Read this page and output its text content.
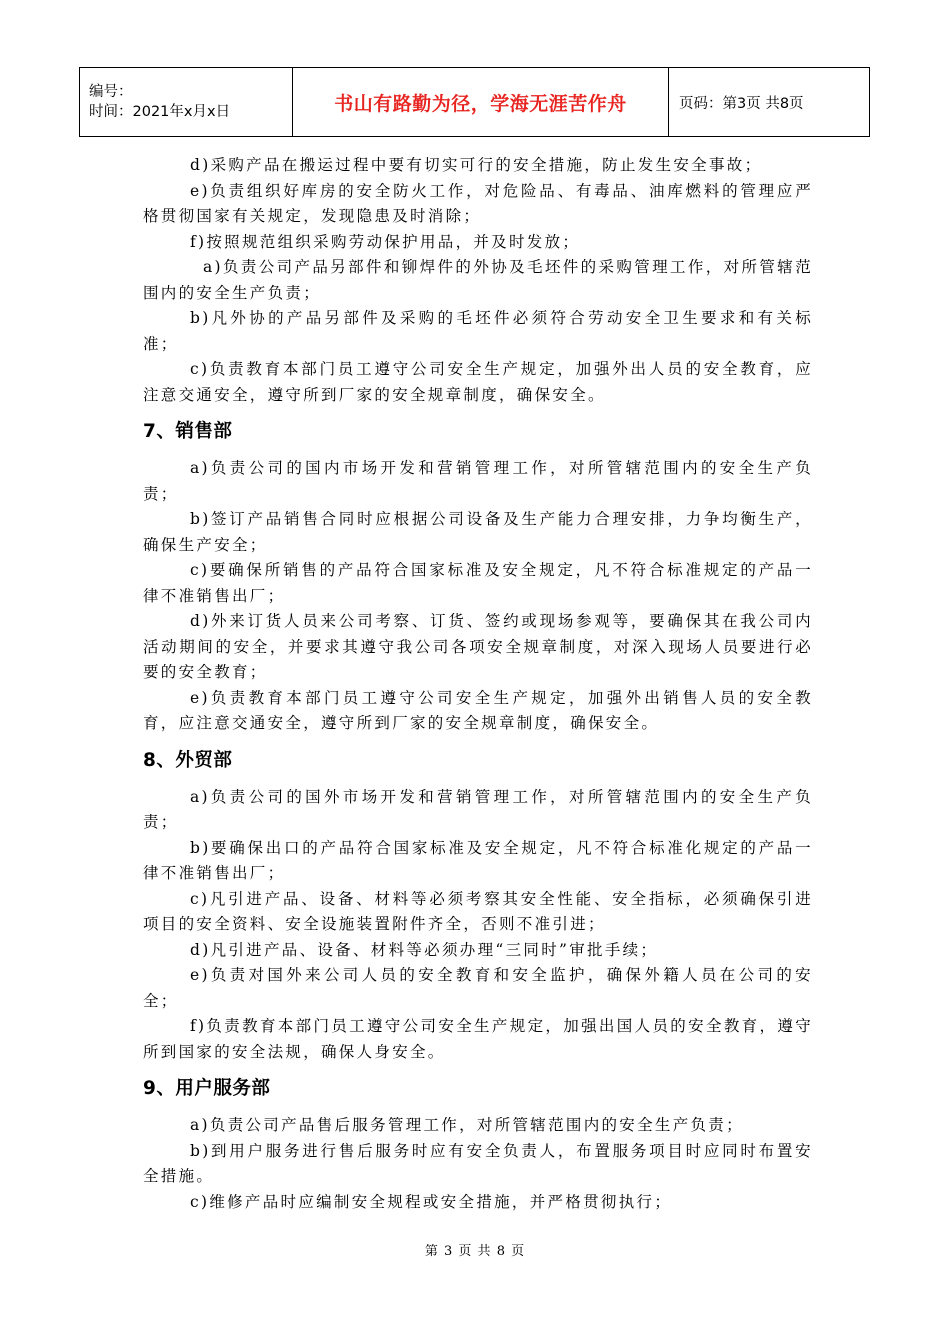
编号：
时间：2021年x月x日	书山有路勤为径，学海无涯苦作舟	页码：第3页 共8页

d)采购产品在搬运过程中要有切实可行的安全措施，防止发生安全事故；

e)负责组织好库房的安全防火工作，对危险品、有毒品、油库燃料的管理应严格贯彻国家有关规定，发现隐患及时消除；

f)按照规范组织采购劳动保护用品，并及时发放；

a)负责公司产品另部件和铆焊件的外协及毛坯件的采购管理工作，对所管辖范围内的安全生产负责；

b)凡外协的产品另部件及采购的毛坯件必须符合劳动安全卫生要求和有关标准；

c)负责教育本部门员工遵守公司安全生产规定，加强外出人员的安全教育，应注意交通安全，遵守所到厂家的安全规章制度，确保安全。

7、销售部

a)负责公司的国内市场开发和营销管理工作，对所管辖范围内的安全生产负责；

b)签订产品销售合同时应根据公司设备及生产能力合理安排，力争均衡生产，确保生产安全；

c)要确保所销售的产品符合国家标准及安全规定，凡不符合标准规定的产品一律不准销售出厂；

d)外来订货人员来公司考察、订货、签约或现场参观等，要确保其在我公司内活动期间的安全，并要求其遵守我公司各项安全规章制度，对深入现场人员要进行必要的安全教育；

e)负责教育本部门员工遵守公司安全生产规定，加强外出销售人员的安全教育，应注意交通安全，遵守所到厂家的安全规章制度，确保安全。

8、外贸部

a)负责公司的国外市场开发和营销管理工作，对所管辖范围内的安全生产负责；

b)要确保出口的产品符合国家标准及安全规定，凡不符合标准化规定的产品一律不准销售出厂；

c)凡引进产品、设备、材料等必须考察其安全性能、安全指标，必须确保引进项目的安全资料、安全设施装置附件齐全，否则不准引进；

d)凡引进产品、设备、材料等必须办理“三同时”审批手续；

e)负责对国外来公司人员的安全教育和安全监护，确保外籍人员在公司的安全；

f)负责教育本部门员工遵守公司安全生产规定，加强出国人员的安全教育，遵守所到国家的安全法规，确保人身安全。

9、用户服务部

a)负责公司产品售后服务管理工作，对所管辖范围内的安全生产负责；

b)到用户服务进行售后服务时应有安全负责人，布置服务项目时应同时布置安全措施。

c)维修产品时应编制安全规程或安全措施，并严格贯彻执行；

第 3 页 共 8 页
